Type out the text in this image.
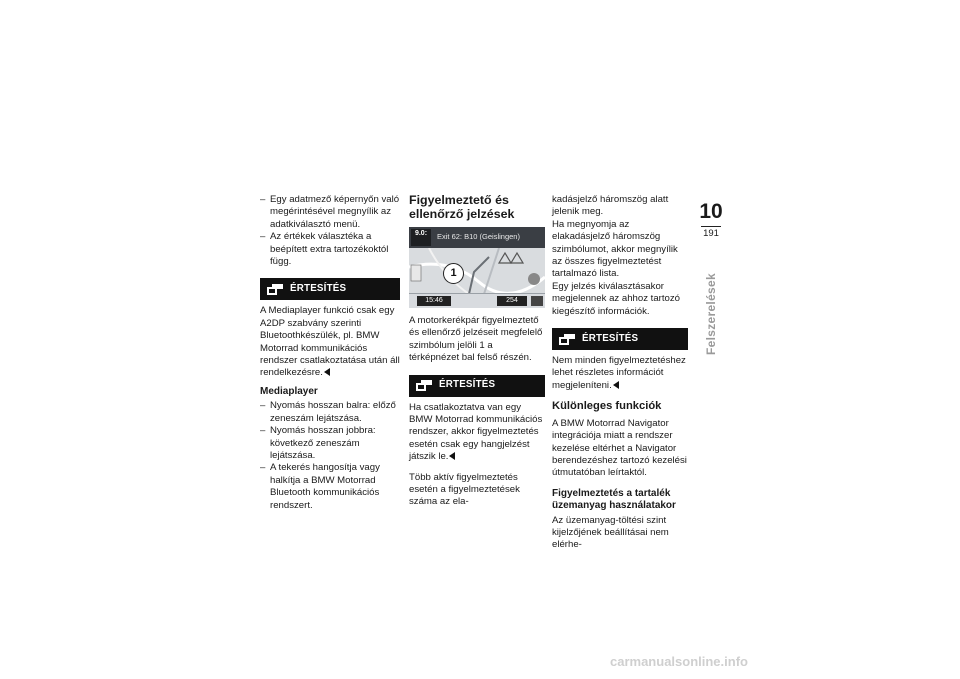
– Egy adatmező képernyőn való megérintésével megnyílik az adatkiválasztó menü.
– Az értékek választéka a beépített extra tartozékoktól függ.
ÉRTESÍTÉS

A Mediaplayer funkció csak egy A2DP szabvány szerinti Bluetoothkészülék, pl. BMW Motorrad kommunikációs rendszer csatlakoztatása után áll rendelkezésre.

Mediaplayer
– Nyomás hosszan balra: előző zeneszám lejátszása.
– Nyomás hosszan jobbra: következő zeneszám lejátszása.
– A tekerés hangosítja vagy halkítja a BMW Motorrad Bluetooth kommunikációs rendszert.
Figyelmeztető és ellenőrző jelzések
9.0:	Exit 62: B10 (Geislingen)
1
15:46	254

A motorkerékpár figyelmeztető és ellenőrző jelzéseit megfelelő szimbólum jelöli 1 a térképnézet bal felső részén.

ÉRTESÍTÉS

Ha csatlakoztatva van egy BMW Motorrad kommunikációs rendszer, akkor figyelmeztetés esetén csak egy hangjelzést játszik le.

Több aktív figyelmeztetés esetén a figyelmeztetések száma az ela-

kadásjelző háromszög alatt jelenik meg.

Ha megnyomja az elakadásjelző háromszög szimbólumot, akkor megnyílik az összes figyelmeztetést tartalmazó lista.

Egy jelzés kiválasztásakor megjelennek az ahhoz tartozó kiegészítő információk.

ÉRTESÍTÉS

Nem minden figyelmeztetéshez lehet részletes információt megjeleníteni.

Különleges funkciók

A BMW Motorrad Navigator integrációja miatt a rendszer kezelése eltérhet a Navigator berendezéshez tartozó kezelési útmutatóban leírtaktól.

Figyelmeztetés a tartalék üzemanyag használatakor

Az üzemanyag-töltési szint kijelzőjének beállításai nem elérhe-

10
191
Felszerelések
carmanualsonline.info
